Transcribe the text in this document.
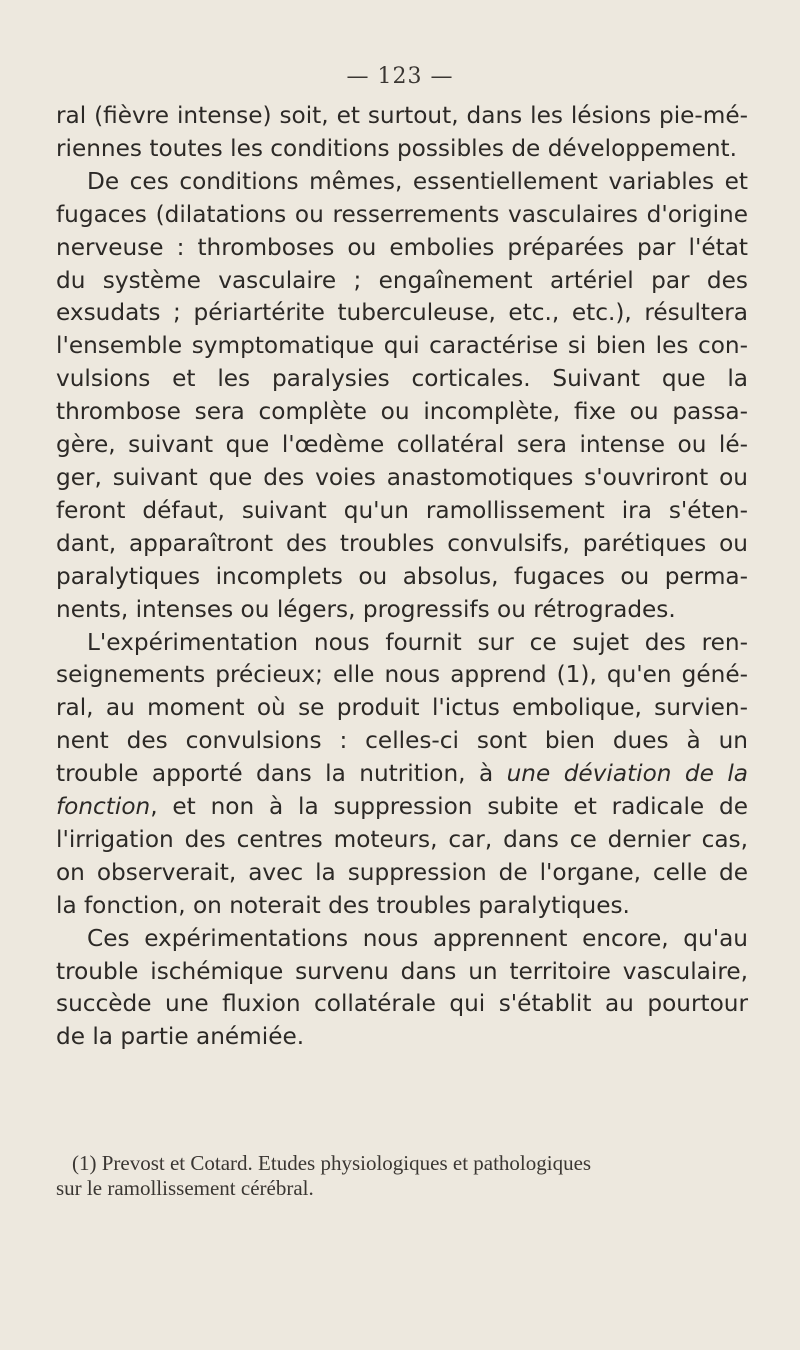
— 123 —
ral (fièvre intense) soit, et surtout, dans les lésions pie-mé-
riennes toutes les conditions possibles de développement.
De ces conditions mêmes, essentiellement variables et
fugaces (dilatations ou resserrements vasculaires d'origine
nerveuse : thromboses ou embolies préparées par l'état
du système vasculaire ; engaînement artériel par des
exsudats ; périartérite tuberculeuse, etc., etc.), résultera
l'ensemble symptomatique qui caractérise si bien les con-
vulsions et les paralysies corticales. Suivant que la
thrombose sera complète ou incomplète, fixe ou passa-
gère, suivant que l'œdème collatéral sera intense ou lé-
ger, suivant que des voies anastomotiques s'ouvriront ou
feront défaut, suivant qu'un ramollissement ira s'éten-
dant, apparaîtront des troubles convulsifs, parétiques ou
paralytiques incomplets ou absolus, fugaces ou perma-
nents, intenses ou légers, progressifs ou rétrogrades.
L'expérimentation nous fournit sur ce sujet des ren-
seignements précieux; elle nous apprend (1), qu'en géné-
ral, au moment où se produit l'ictus embolique, survien-
nent des convulsions : celles-ci sont bien dues à un
trouble apporté dans la nutrition, à une déviation de la
fonction, et non à la suppression subite et radicale de
l'irrigation des centres moteurs, car, dans ce dernier cas,
on observerait, avec la suppression de l'organe, celle de
la fonction, on noterait des troubles paralytiques.
Ces expérimentations nous apprennent encore, qu'au
trouble ischémique survenu dans un territoire vasculaire,
succède une fluxion collatérale qui s'établit au pourtour
de la partie anémiée.
(1) Prevost et Cotard. Etudes physiologiques et pathologiques
sur le ramollissement cérébral.
